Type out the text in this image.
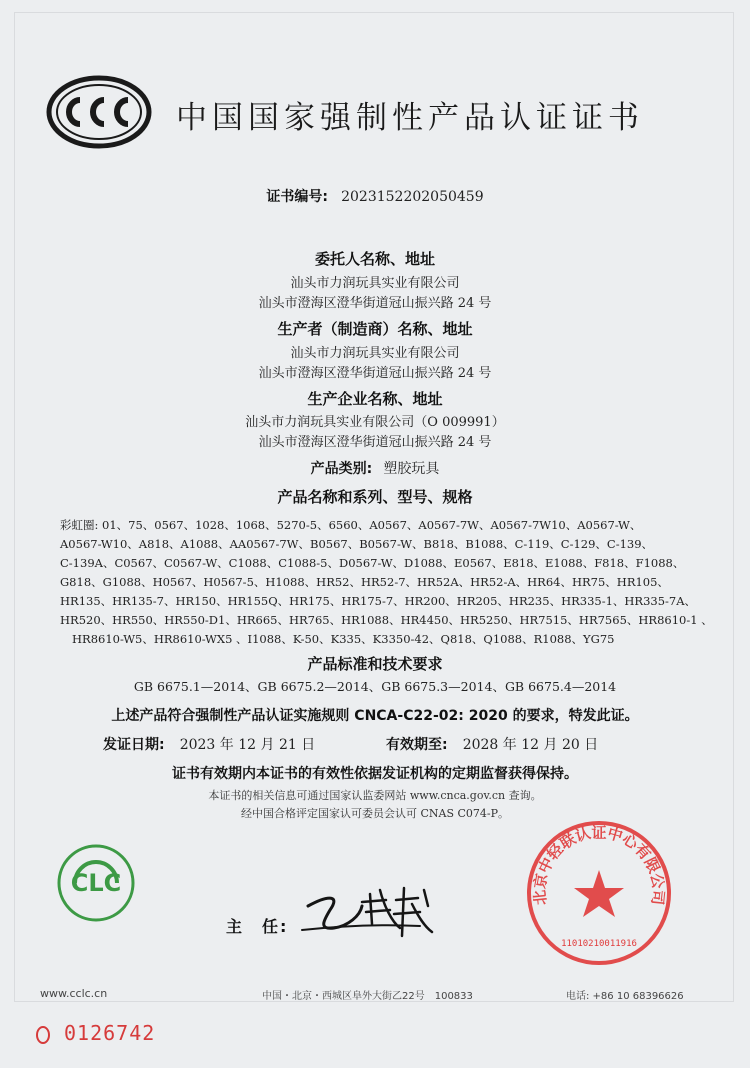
CCC
中国国家强制性产品认证证书
证书编号: 2023152202050459
委托人名称、地址
汕头市力润玩具实业有限公司
汕头市澄海区澄华街道冠山振兴路 24 号
生产者（制造商）名称、地址
汕头市力润玩具实业有限公司
汕头市澄海区澄华街道冠山振兴路 24 号
生产企业名称、地址
汕头市力润玩具实业有限公司（O 009991）
汕头市澄海区澄华街道冠山振兴路 24 号
产品类别: 塑胶玩具
产品名称和系列、型号、规格
彩虹圈: 01、75、0567、1028、1068、5270-5、6560、A0567、A0567-7W、A0567-7W10、A0567-W、
A0567-W10、A818、A1088、AA0567-7W、B0567、B0567-W、B818、B1088、C-119、C-129、C-139、
C-139A、C0567、C0567-W、C1088、C1088-5、D0567-W、D1088、E0567、E818、E1088、F818、F1088、
G818、G1088、H0567、H0567-5、H1088、HR52、HR52-7、HR52A、HR52-A、HR64、HR75、HR105、
HR135、HR135-7、HR150、HR155Q、HR175、HR175-7、HR200、HR205、HR235、HR335-1、HR335-7A、
HR520、HR550、HR550-D1、HR665、HR765、HR1088、HR4450、HR5250、HR7515、HR7565、HR8610-1 、
HR8610-W5、HR8610-WX5 、I1088、K-50、K335、K3350-42、Q818、Q1088、R1088、YG75
产品标准和技术要求
GB 6675.1—2014、GB 6675.2—2014、GB 6675.3—2014、GB 6675.4—2014
上述产品符合强制性产品认证实施规则 CNCA-C22-02: 2020 的要求，特发此证。
发证日期: 2023 年 12 月 21 日	有效期至: 2028 年 12 月 20 日
证书有效期内本证书的有效性依据发证机构的定期监督获得保持。
本证书的相关信息可通过国家认监委网站 www.cnca.gov.cn 查询。
经中国合格评定国家认可委员会认可 CNAS C074-P。
CLC
主　任:
北京中轻联认证中心有限公司
11010210011916
www.cclc.cn	中国・北京・西城区阜外大街乙22号　100833	电话: +86 10 68396626
0126742
